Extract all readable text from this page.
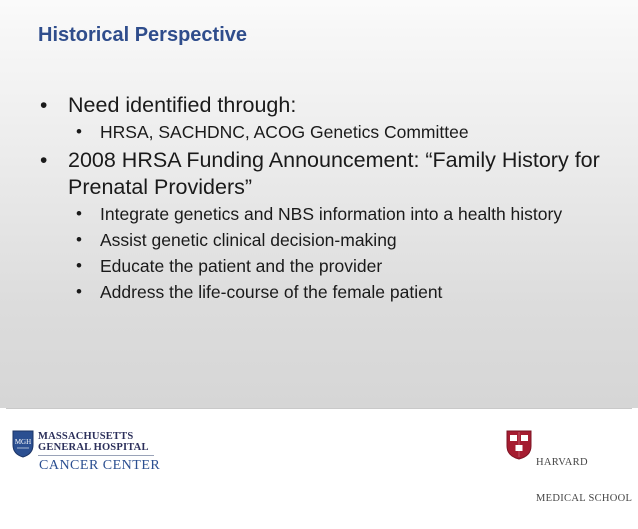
Historical Perspective
• Need identified through:
• HRSA, SACHDNC, ACOG Genetics Committee
• 2008 HRSA Funding Announcement: “Family History for Prenatal Providers”
• Integrate genetics and NBS information into a health history
• Assist genetic clinical decision-making
• Educate the patient and the provider
• Address the life-course of the female patient
MGH MASSACHUSETTS
GENERAL HOSPITAL
CANCER CENTER

	HARVARD

MEDICAL SCHOOL
